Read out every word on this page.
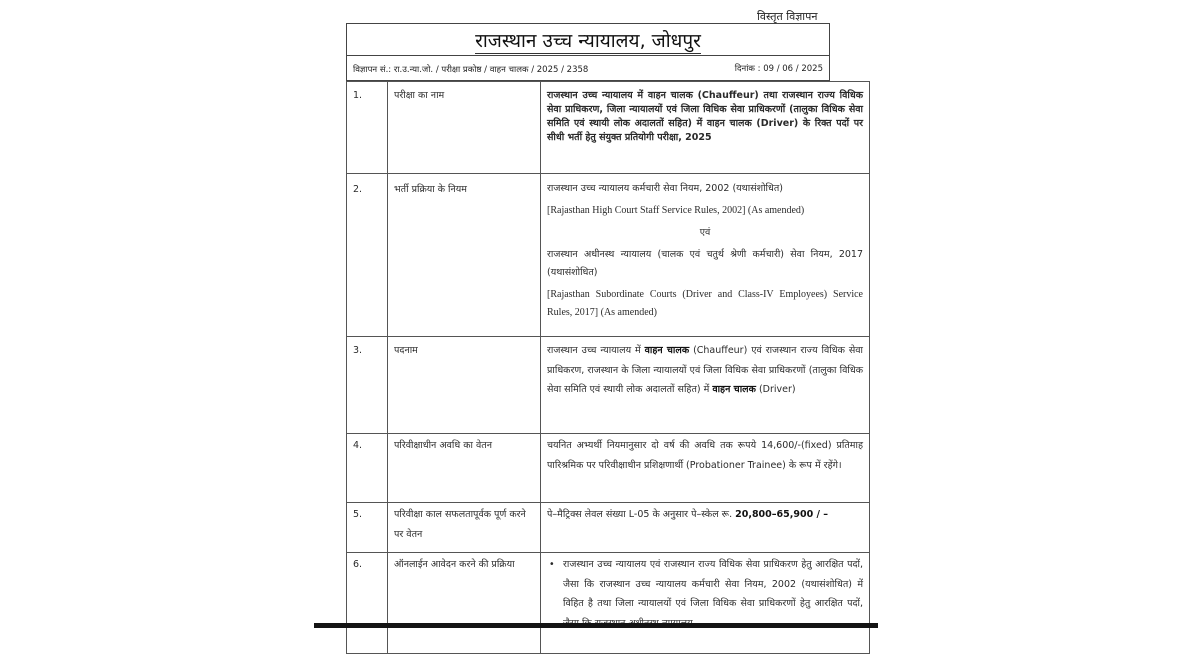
विस्तृत विज्ञापन
राजस्थान उच्च न्यायालय, जोधपुर
विज्ञापन सं.: रा.उ.न्या.जो. / परीक्षा प्रकोष्ठ / वाहन चालक / 2025 / 2358	दिनांक : 09 / 06 / 2025
1.	परीक्षा का नाम	राजस्थान उच्च न्यायालय में वाहन चालक (Chauffeur) तथा राजस्थान राज्य विधिक सेवा प्राधिकरण, जिला न्यायालयों एवं जिला विधिक सेवा प्राधिकरणों (तालुका विधिक सेवा समिति एवं स्थायी लोक अदालतों सहित) में वाहन चालक (Driver) के रिक्त पदों पर सीधी भर्ती हेतु संयुक्त प्रतियोगी परीक्षा, 2025
2.	भर्ती प्रक्रिया के नियम	राजस्थान उच्च न्यायालय कर्मचारी सेवा नियम, 2002 (यथासंशोधित)

[Rajasthan High Court Staff Service Rules, 2002] (As amended)

एवं

राजस्थान अधीनस्थ न्यायालय (चालक एवं चतुर्थ श्रेणी कर्मचारी) सेवा नियम, 2017 (यथासंशोधित)

[Rajasthan Subordinate Courts (Driver and Class-IV Employees) Service Rules, 2017] (As amended)

3.	पदनाम	राजस्थान उच्च न्यायालय में वाहन चालक (Chauffeur) एवं राजस्थान राज्य विधिक सेवा प्राधिकरण, राजस्थान के जिला न्यायालयों एवं जिला विधिक सेवा प्राधिकरणों (तालुका विधिक सेवा समिति एवं स्थायी लोक अदालतों सहित) में वाहन चालक (Driver)
4.	परिवीक्षाधीन अवधि का वेतन	चयनित अभ्यर्थी नियमानुसार दो वर्ष की अवधि तक रूपये 14,600/-(fixed) प्रतिमाह पारिश्रमिक पर परिवीक्षाधीन प्रशिक्षणार्थी (Probationer Trainee) के रूप में रहेंगे।
5.	परिवीक्षा काल सफलतापूर्वक पूर्ण करने पर वेतन	पे–मैट्रिक्स लेवल संख्या L-05 के अनुसार पे–स्केल रू. 20,800–65,900 / –
6.	ऑनलाईन आवेदन करने की प्रक्रिया	• राजस्थान उच्च न्यायालय एवं राजस्थान राज्य विधिक सेवा प्राधिकरण हेतु आरक्षित पदों, जैसा कि राजस्थान उच्च न्यायालय कर्मचारी सेवा नियम, 2002 (यथासंशोधित) में विहित है तथा जिला न्यायालयों एवं जिला विधिक सेवा प्राधिकरणों हेतु आरक्षित पदों,
